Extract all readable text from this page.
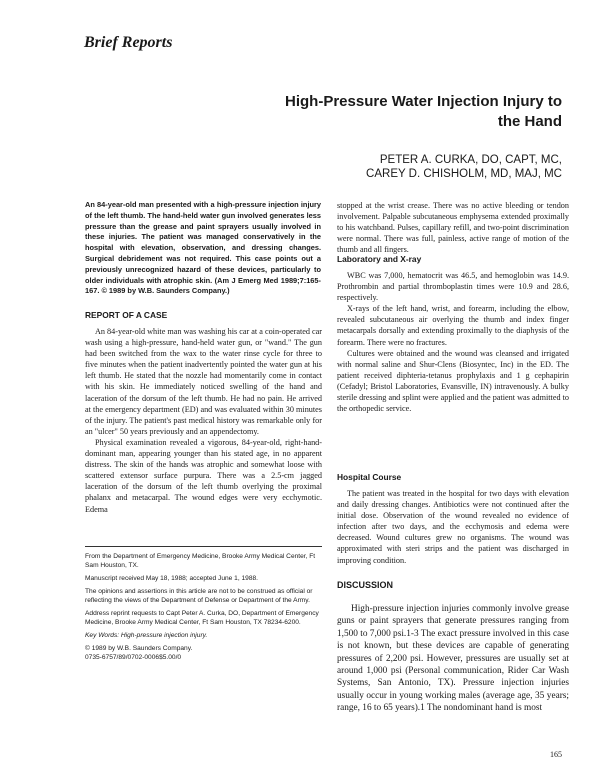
Brief Reports
High-Pressure Water Injection Injury to
the Hand
PETER A. CURKA, DO, CAPT, MC,
CAREY D. CHISHOLM, MD, MAJ, MC
An 84-year-old man presented with a high-pressure injection injury of the left thumb. The hand-held water gun involved generates less pressure than the grease and paint sprayers usually involved in these injuries. The patient was managed conservatively in the hospital with elevation, observation, and dressing changes. Surgical debridement was not required. This case points out a previously unrecognized hazard of these devices, particularly to older individuals with atrophic skin. (Am J Emerg Med 1989;7:165-167. © 1989 by W.B. Saunders Company.)
REPORT OF A CASE

An 84-year-old white man was washing his car at a coin-operated car wash using a high-pressure, hand-held water gun, or "wand." The gun had been switched from the wax to the water rinse cycle for three to five minutes when the patient inadvertently pointed the water gun at his left thumb. He stated that the nozzle had momentarily come in contact with his skin. He immediately noticed swelling of the hand and laceration of the dorsum of the left thumb. He had no pain. He arrived at the emergency department (ED) and was evaluated within 30 minutes of the injury. The patient's past medical history was remarkable only for an "ulcer" 50 years previously and an appendectomy.

Physical examination revealed a vigorous, 84-year-old, right-hand-dominant man, appearing younger than his stated age, in no apparent distress. The skin of the hands was atrophic and somewhat loose with scattered extensor surface purpura. There was a 2.5-cm jagged laceration of the dorsum of the left thumb overlying the proximal phalanx and metacarpal. The wound edges were very ecchymotic. Edema

From the Department of Emergency Medicine, Brooke Army Medical Center, Ft Sam Houston, TX.

Manuscript received May 18, 1988; accepted June 1, 1988.

The opinions and assertions in this article are not to be construed as official or reflecting the views of the Department of Defense or Department of the Army.

Address reprint requests to Capt Peter A. Curka, DO, Department of Emergency Medicine, Brooke Army Medical Center, Ft Sam Houston, TX 78234-6200.

Key Words: High-pressure injection injury.

© 1989 by W.B. Saunders Company.

0735-6757/89/0702-0006$5.00/0

stopped at the wrist crease. There was no active bleeding or tendon involvement. Palpable subcutaneous emphysema extended proximally to his watchband. Pulses, capillary refill, and two-point discrimination were normal. There was full, painless, active range of motion of the thumb and all fingers.

Laboratory and X-ray

WBC was 7,000, hematocrit was 46.5, and hemoglobin was 14.9. Prothrombin and partial thromboplastin times were 10.9 and 28.6, respectively.

X-rays of the left hand, wrist, and forearm, including the elbow, revealed subcutaneous air overlying the thumb and index finger metacarpals dorsally and extending proximally to the diaphysis of the forearm. There were no fractures.

Cultures were obtained and the wound was cleansed and irrigated with normal saline and Shur-Clens (Biosyntec, Inc) in the ED. The patient received diphteria-tetanus prophylaxis and 1 g cephapirin (Cefadyl; Bristol Laboratories, Evansville, IN) intravenously. A bulky sterile dressing and splint were applied and the patient was admitted to the orthopedic service.

Hospital Course

The patient was treated in the hospital for two days with elevation and daily dressing changes. Antibiotics were not continued after the initial dose. Observation of the wound revealed no evidence of infection after two days, and the ecchymosis and edema were decreased. Wound cultures grew no organisms. The wound was approximated with steri strips and the patient was discharged in improving condition.

DISCUSSION

High-pressure injection injuries commonly involve grease guns or paint sprayers that generate pressures ranging from 1,500 to 7,000 psi.1-3 The exact pressure involved in this case is not known, but these devices are capable of generating pressures of 2,200 psi. However, pressures are usually set at around 1,000 psi (Personal communication, Rider Car Wash Systems, San Antonio, TX). Pressure injection injuries usually occur in young working males (average age, 35 years; range, 16 to 65 years).1 The nondominant hand is most

165
